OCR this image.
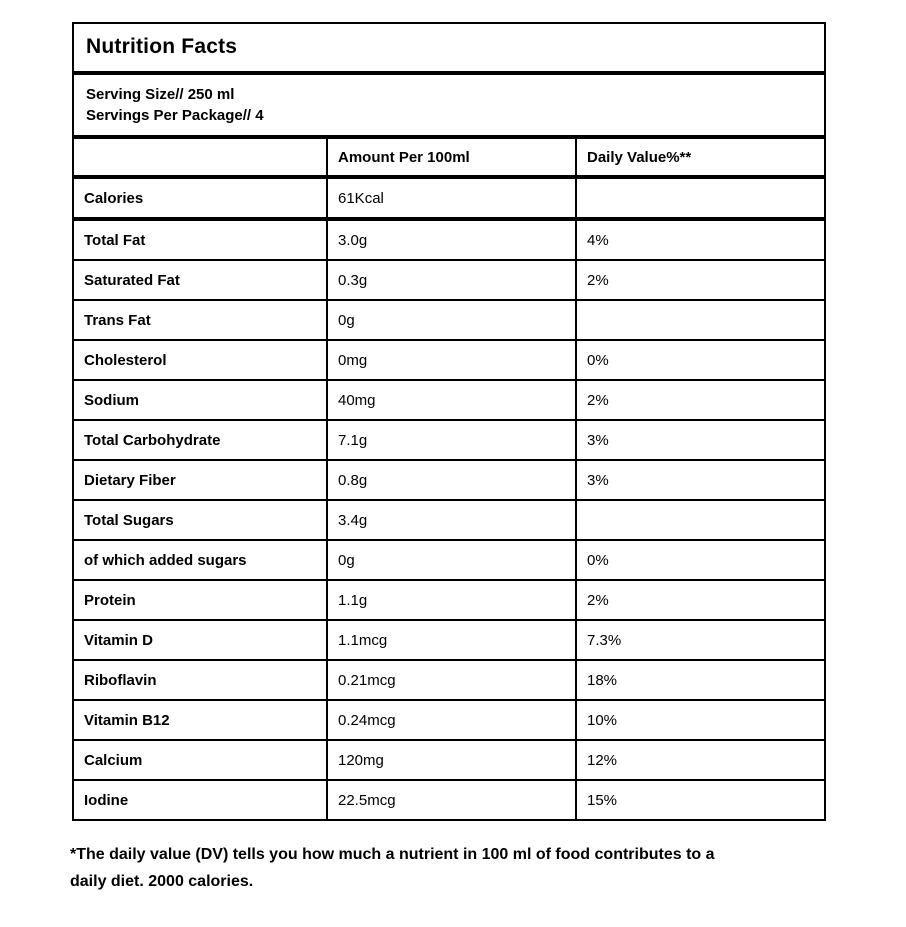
Nutrition Facts		

Serving Size// 250 ml
Servings Per Package// 4		

	Amount Per 100ml	Daily Value%**
Calories	61Kcal	
Total Fat	3.0g	4%
Saturated Fat	0.3g	2%
Trans Fat	0g	
Cholesterol	0mg	0%
Sodium	40mg	2%
Total Carbohydrate	7.1g	3%
Dietary Fiber	0.8g	3%
Total Sugars	3.4g	
of which added sugars	0g	0%
Protein	1.1g	2%
Vitamin D	1.1mcg	7.3%
Riboflavin	0.21mcg	18%
Vitamin B12	0.24mcg	10%
Calcium	120mg	12%
Iodine	22.5mcg	15%
*The daily value (DV) tells you how much a nutrient in 100 ml of food contributes to a
daily diet. 2000 calories.
